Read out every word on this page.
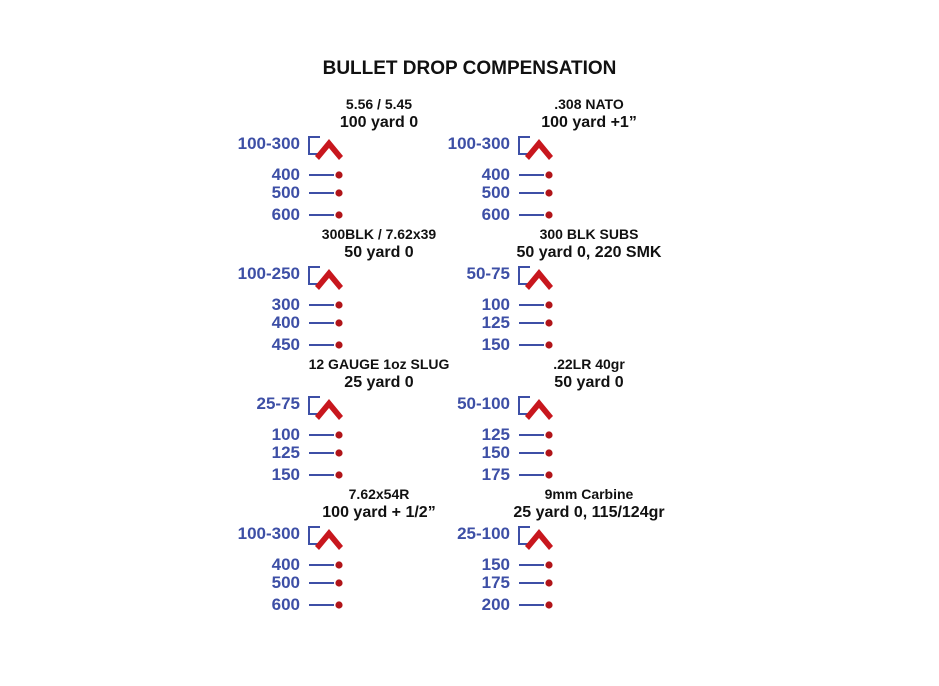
BULLET DROP COMPENSATION
5.56 / 5.45
100 yard 0
100-300
400
500
600
.308 NATO
100 yard +1”
100-300
400
500
600
300BLK / 7.62x39
50 yard 0
100-250
300
400
450
300 BLK SUBS
50 yard 0, 220 SMK
50-75
100
125
150
12 GAUGE 1oz SLUG
25 yard 0
25-75
100
125
150
.22LR 40gr
50 yard 0
50-100
125
150
175
7.62x54R
100 yard + 1/2”
100-300
400
500
600
9mm Carbine
25 yard 0, 115/124gr
25-100
150
175
200
